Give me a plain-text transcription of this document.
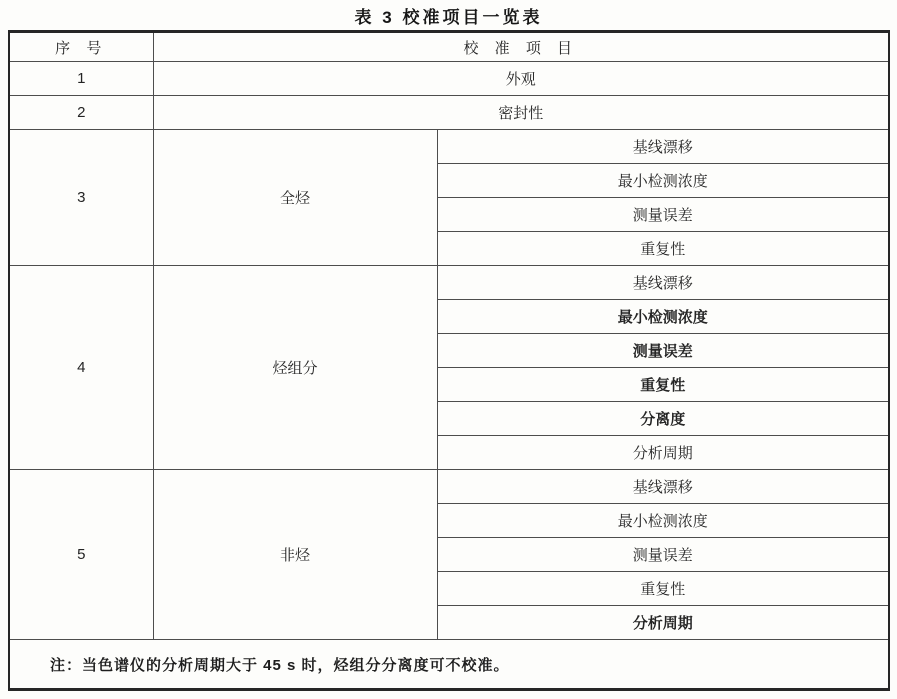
表 3 校准项目一览表
序 号	校 准 项 目	
1	外观	
2	密封性	
3	全烃	基线漂移
		最小检测浓度
		测量误差
		重复性
4	烃组分	基线漂移
		最小检测浓度
		测量误差
		重复性
		分离度
		分析周期
5	非烃	基线漂移
		最小检测浓度
		测量误差
		重复性
		分析周期
注：当色谱仪的分析周期大于 45 s 时，烃组分分离度可不校准。		
